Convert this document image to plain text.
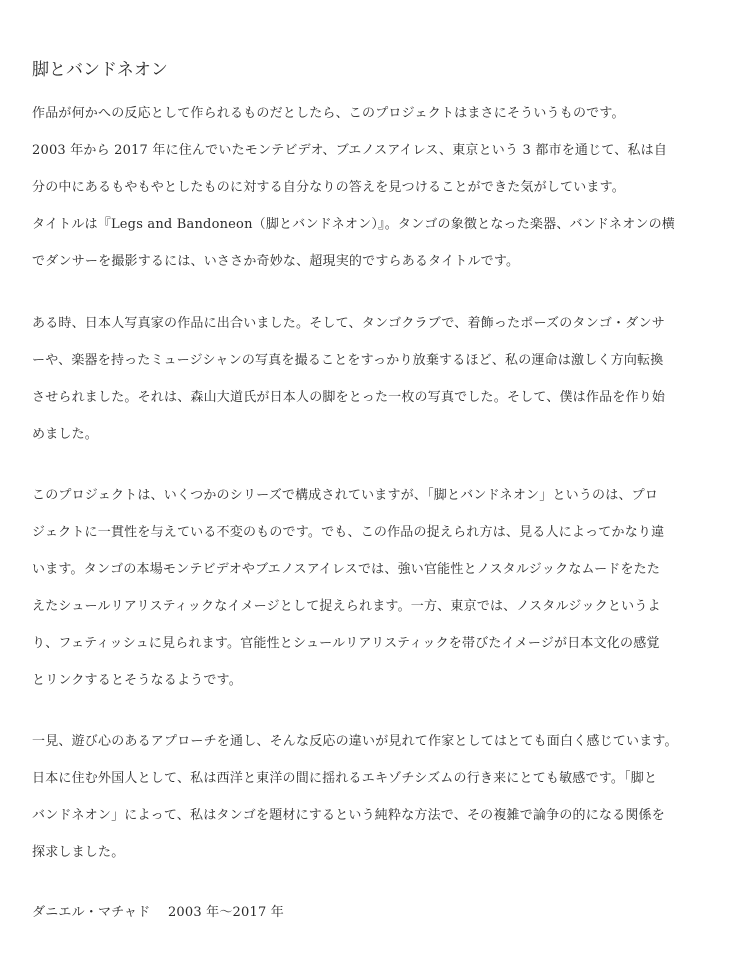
脚とバンドネオン

作品が何かへの反応として作られるものだとしたら、このプロジェクトはまさにそういうものです。

2003 年から 2017 年に住んでいたモンテビデオ、ブエノスアイレス、東京という 3 都市を通じて、私は自

分の中にあるもやもやとしたものに対する自分なりの答えを見つけることができた気がしています。

タイトルは『Legs and Bandoneon（脚とバンドネオン）』。タンゴの象徴となった楽器、バンドネオンの横

でダンサーを撮影するには、いささか奇妙な、超現実的ですらあるタイトルです。

ある時、日本人写真家の作品に出合いました。そして、タンゴクラブで、着飾ったポーズのタンゴ・ダンサ

ーや、楽器を持ったミュージシャンの写真を撮ることをすっかり放棄するほど、私の運命は激しく方向転換

させられました。それは、森山大道氏が日本人の脚をとった一枚の写真でした。そして、僕は作品を作り始

めました。

このプロジェクトは、いくつかのシリーズで構成されていますが、「脚とバンドネオン」というのは、プロ

ジェクトに一貫性を与えている不変のものです。でも、この作品の捉えられ方は、見る人によってかなり違

います。タンゴの本場モンテビデオやブエノスアイレスでは、強い官能性とノスタルジックなムードをたた

えたシュールリアリスティックなイメージとして捉えられます。一方、東京では、ノスタルジックというよ

り、フェティッシュに見られます。官能性とシュールリアリスティックを帯びたイメージが日本文化の感覚

とリンクするとそうなるようです。

一見、遊び心のあるアプローチを通し、そんな反応の違いが見れて作家としてはとても面白く感じています。

日本に住む外国人として、私は西洋と東洋の間に揺れるエキゾチシズムの行き来にとても敏感です。「脚と

バンドネオン」によって、私はタンゴを題材にするという純粋な方法で、その複雑で論争の的になる関係を

探求しました。

ダニエル・マチャド　 2003 年〜2017 年
